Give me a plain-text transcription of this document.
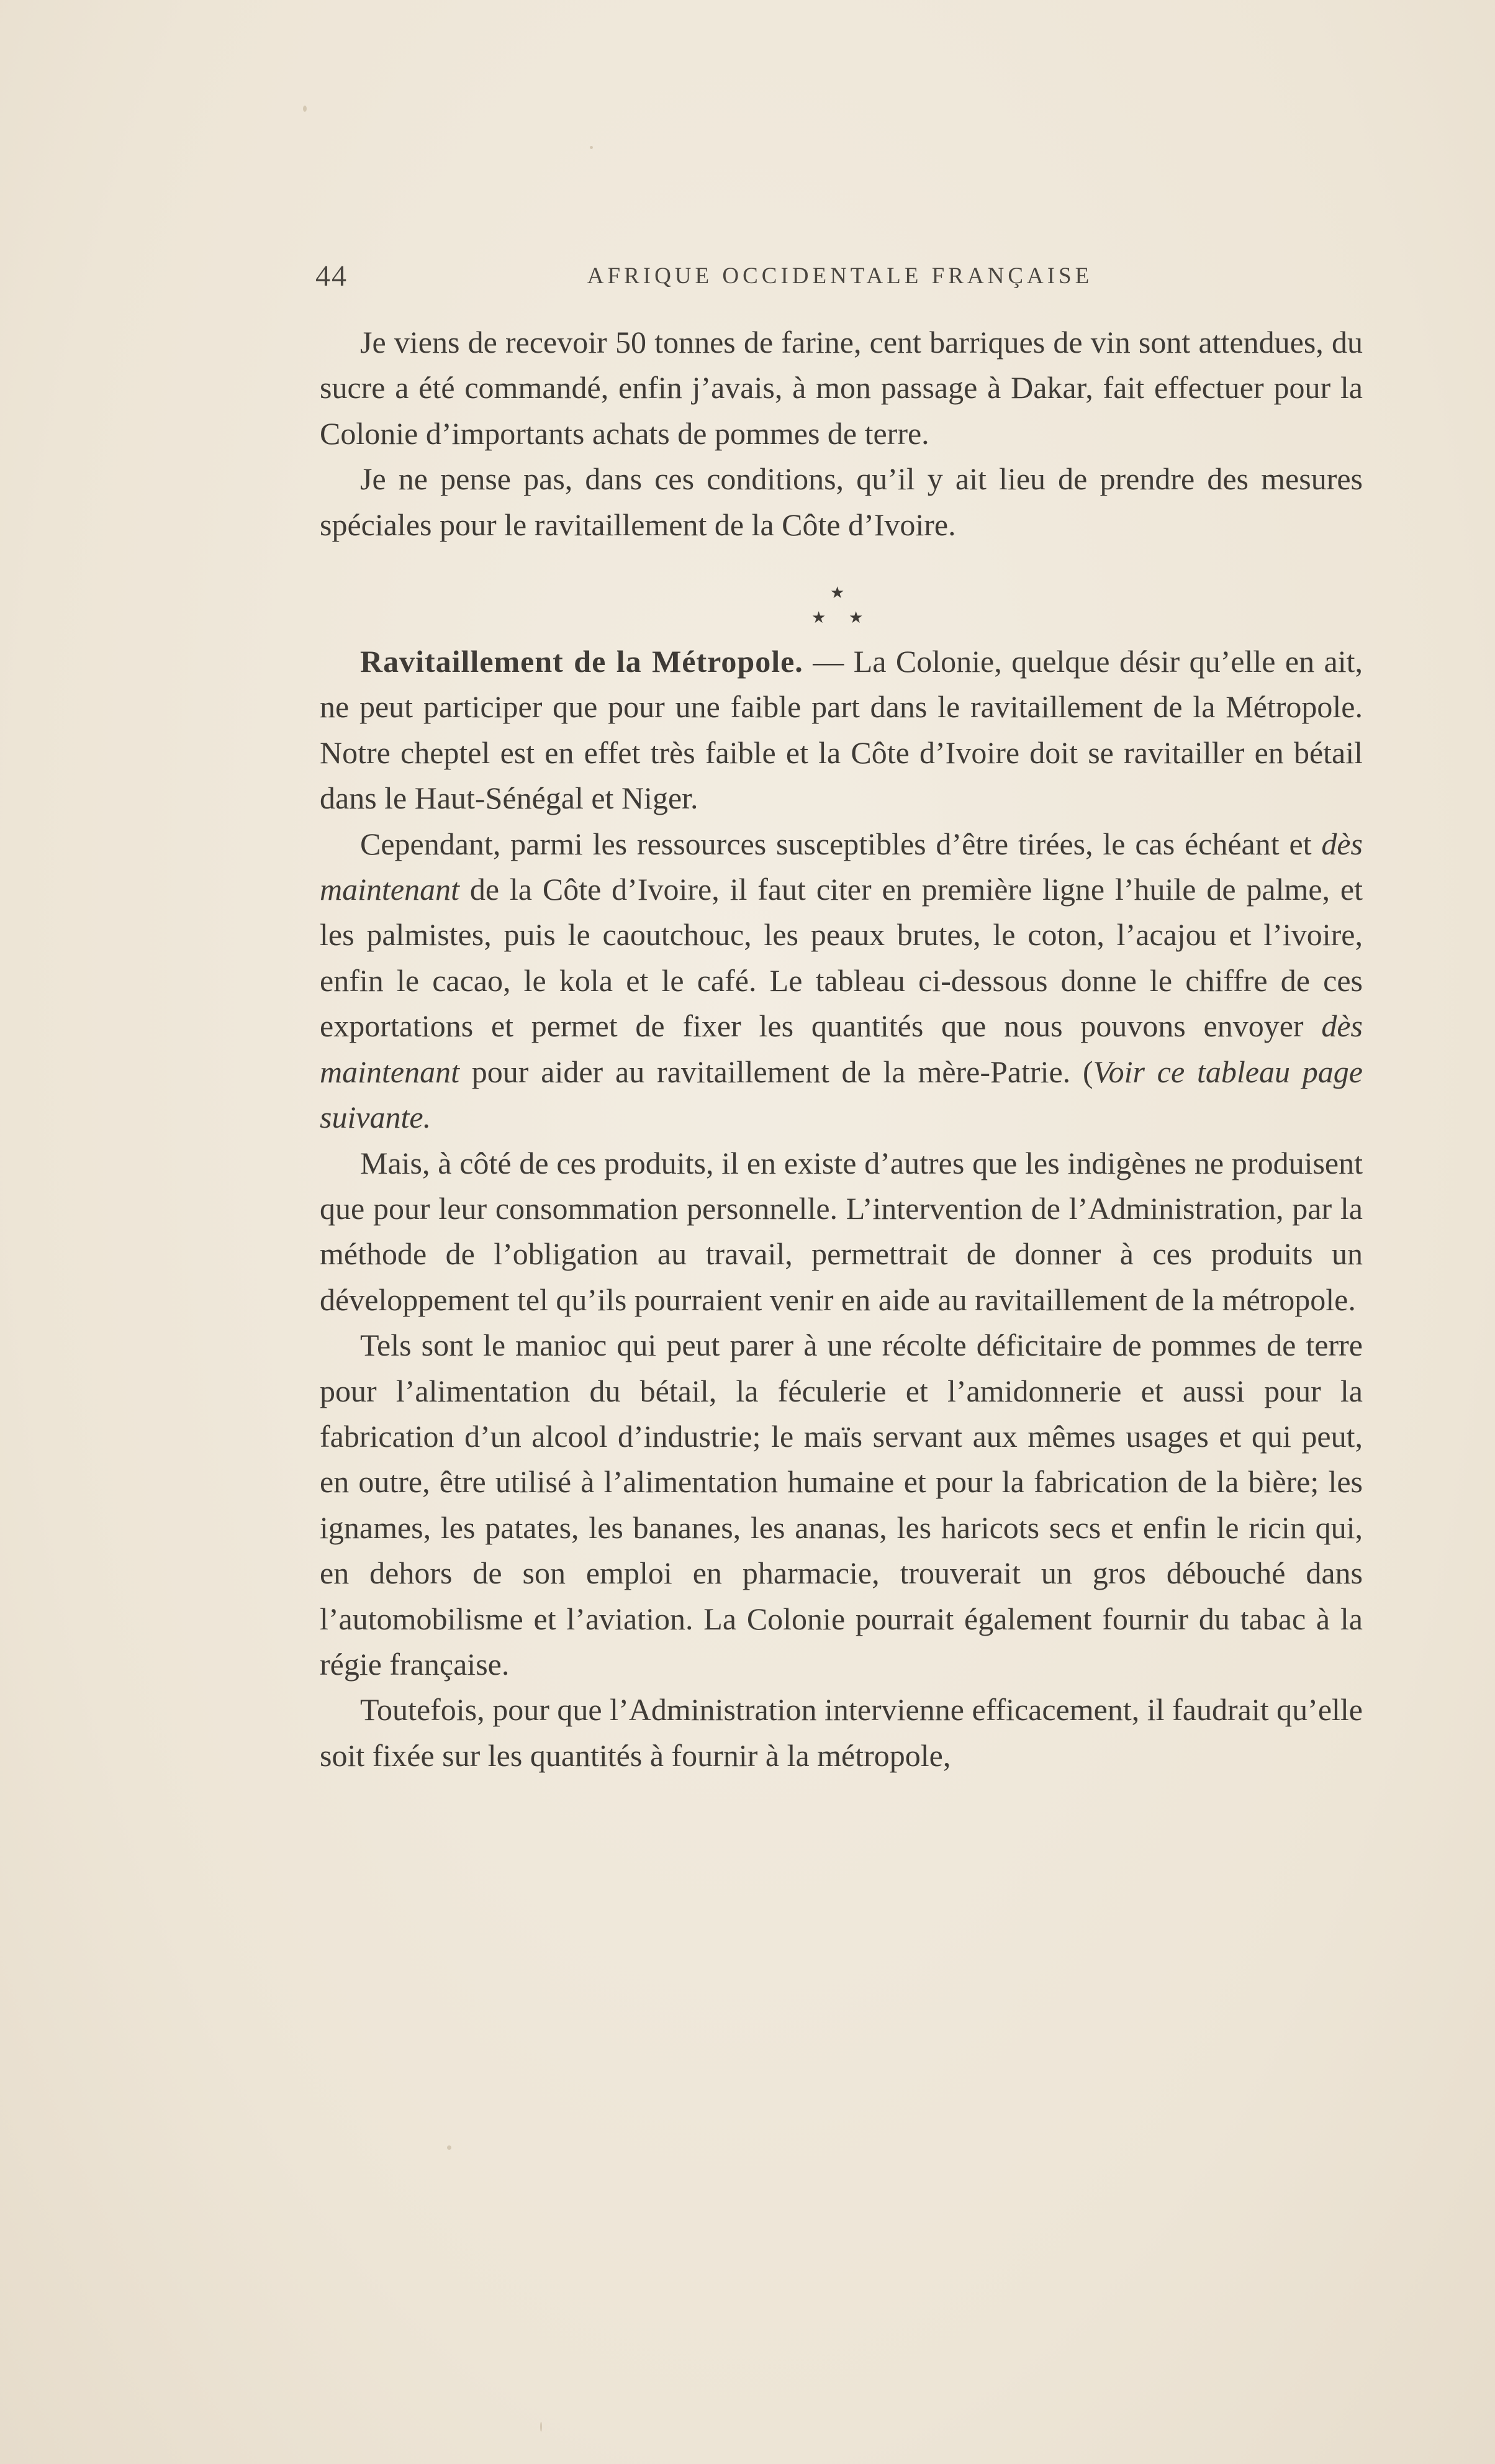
44	AFRIQUE OCCIDENTALE FRANÇAISE

Je viens de recevoir 50 tonnes de farine, cent barriques de vin sont attendues, du sucre a été commandé, enfin j’avais, à mon passage à Dakar, fait effectuer pour la Colonie d’importants achats de pommes de terre.

Je ne pense pas, dans ces conditions, qu’il y ait lieu de prendre des mesures spéciales pour le ravitaillement de la Côte d’Ivoire.

★
★ ★

Ravitaillement de la Métropole. — La Colonie, quelque désir qu’elle en ait, ne peut participer que pour une faible part dans le ravitaillement de la Métropole. Notre cheptel est en effet très faible et la Côte d’Ivoire doit se ravitailler en bétail dans le Haut-Sénégal et Niger.

Cependant, parmi les ressources susceptibles d’être tirées, le cas échéant et dès maintenant de la Côte d’Ivoire, il faut citer en première ligne l’huile de palme, et les palmistes, puis le caoutchouc, les peaux brutes, le coton, l’acajou et l’ivoire, enfin le cacao, le kola et le café. Le tableau ci-dessous donne le chiffre de ces exportations et permet de fixer les quantités que nous pouvons envoyer dès maintenant pour aider au ravitaillement de la mère-Patrie. (Voir ce tableau page suivante.

Mais, à côté de ces produits, il en existe d’autres que les indigènes ne produisent que pour leur consommation personnelle. L’intervention de l’Administration, par la méthode de l’obligation au travail, permettrait de donner à ces produits un développement tel qu’ils pourraient venir en aide au ravitaillement de la métropole.

Tels sont le manioc qui peut parer à une récolte déficitaire de pommes de terre pour l’alimentation du bétail, la féculerie et l’amidonnerie et aussi pour la fabrication d’un alcool d’industrie; le maïs servant aux mêmes usages et qui peut, en outre, être utilisé à l’alimentation humaine et pour la fabrication de la bière; les ignames, les patates, les bananes, les ananas, les haricots secs et enfin le ricin qui, en dehors de son emploi en pharmacie, trouverait un gros débouché dans l’automobilisme et l’aviation. La Colonie pourrait également fournir du tabac à la régie française.

Toutefois, pour que l’Administration intervienne efficacement, il faudrait qu’elle soit fixée sur les quantités à fournir à la métropole,
